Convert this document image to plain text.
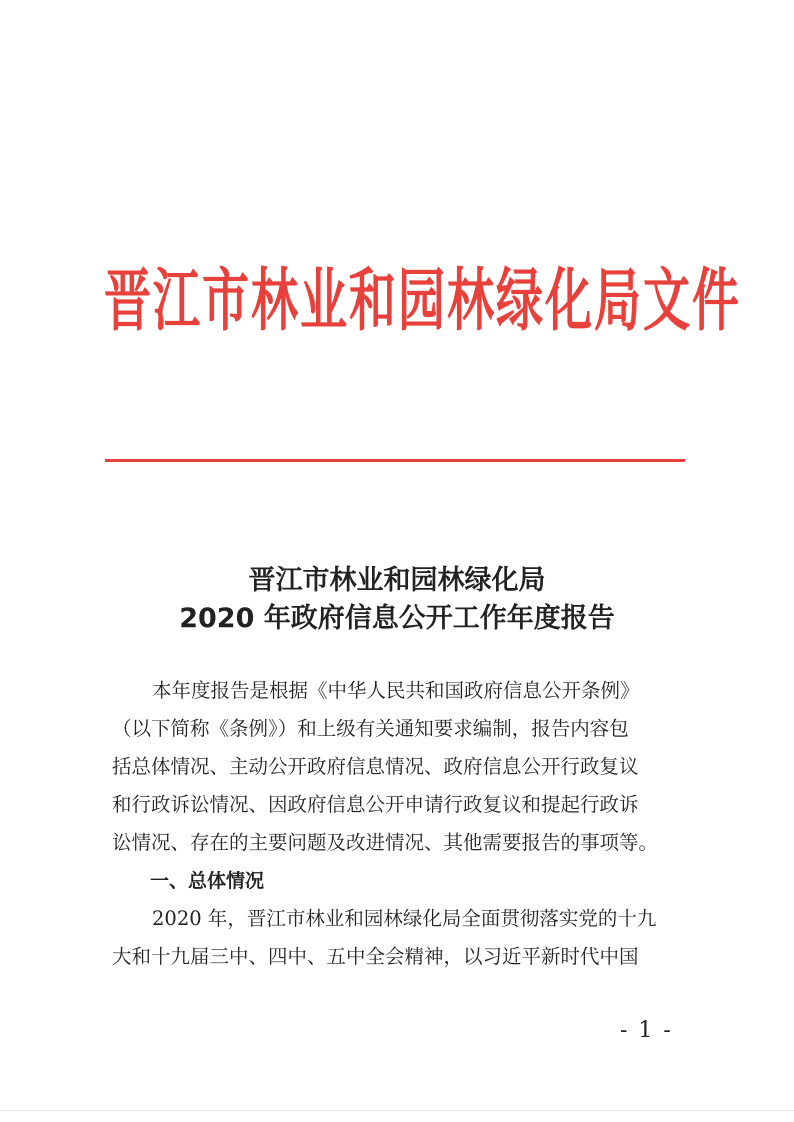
晋江市林业和园林绿化局文件
晋江市林业和园林绿化局
2020 年政府信息公开工作年度报告
本年度报告是根据《中华人民共和国政府信息公开条例》
（以下简称《条例》）和上级有关通知要求编制，报告内容包
括总体情况、主动公开政府信息情况、政府信息公开行政复议
和行政诉讼情况、因政府信息公开申请行政复议和提起行政诉
讼情况、存在的主要问题及改进情况、其他需要报告的事项等。
一、总体情况
2020 年，晋江市林业和园林绿化局全面贯彻落实党的十九
大和十九届三中、四中、五中全会精神，以习近平新时代中国
- 1 -
